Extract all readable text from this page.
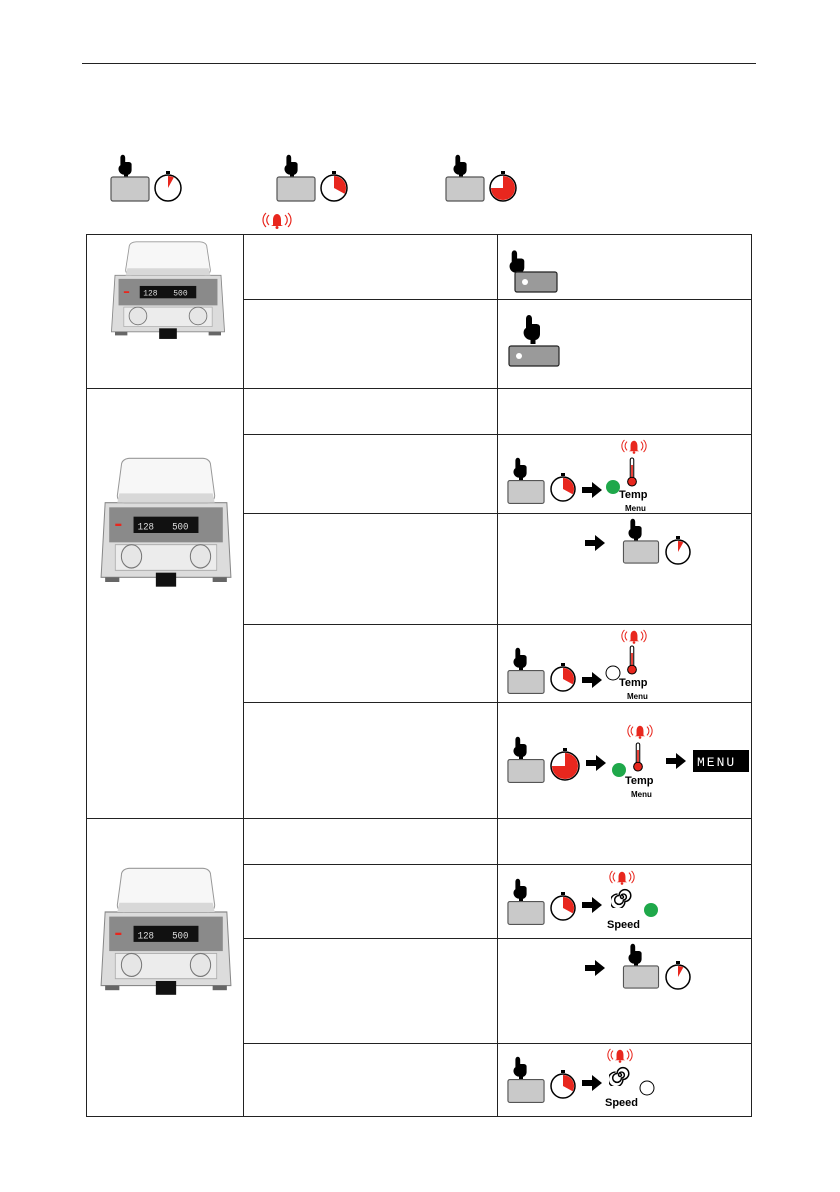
128 500
128 500
128 500
Temp
Menu
Temp
Menu
Temp
Menu
MENU
Speed
Speed
